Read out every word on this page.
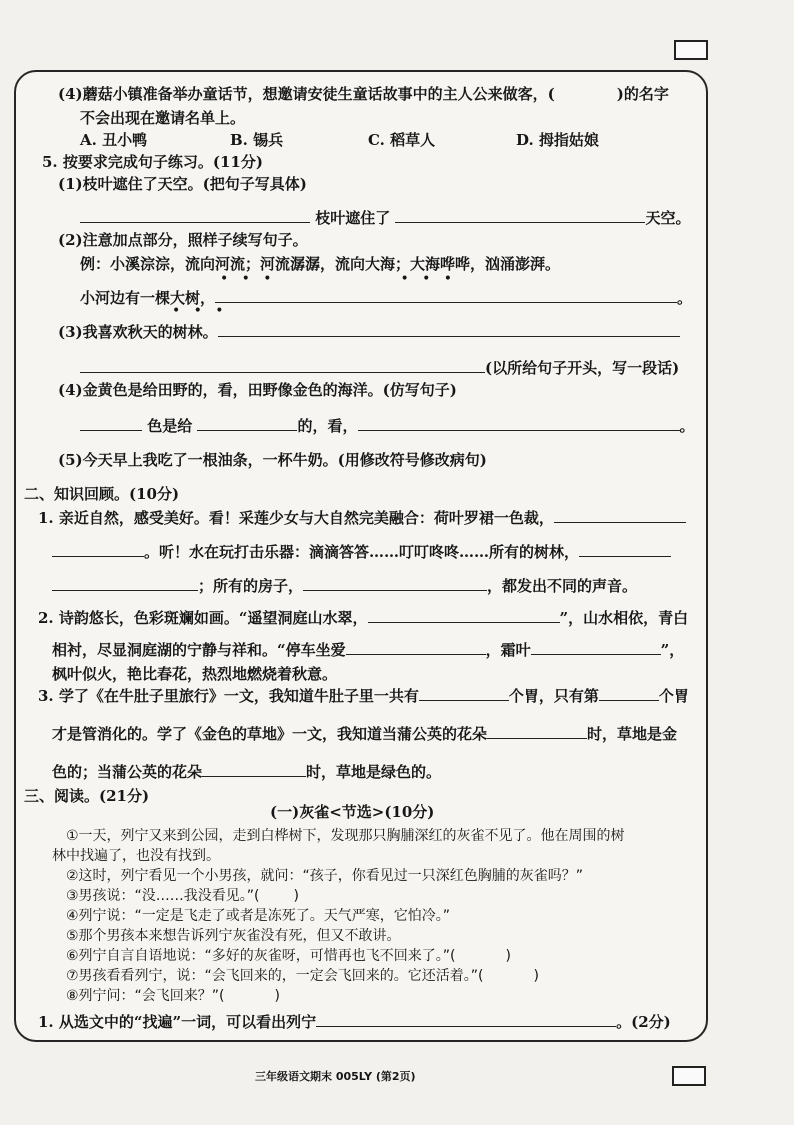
(4)蘑菇小镇准备举办童话节，想邀请安徒生童话故事中的主人公来做客，(	)的名字
不会出现在邀请名单上。
A. 丑小鸭	B. 锡兵	C. 稻草人	D. 拇指姑娘
5. 按要求完成句子练习。(11分)
(1)枝叶遮住了天空。(把句子写具体)
枝叶遮住了	天空。
(2)注意加点部分，照样子续写句子。
例：小溪淙淙，流向河流；河流潺潺，流向大海；大海哗哗，汹涌澎湃。
•   •   •                             •   •   •
小河边有一棵大树，	。
•   •   •
(3)我喜欢秋天的树林。
(以所给句子开头，写一段话)
(4)金黄色是给田野的，看，田野像金色的海洋。(仿写句子)
色是给	的，看，	。
(5)今天早上我吃了一根油条，一杯牛奶。(用修改符号修改病句)
二、知识回顾。(10分)
1. 亲近自然，感受美好。看！采莲少女与大自然完美融合：荷叶罗裙一色裁，
。听！水在玩打击乐器：滴滴答答……叮叮咚咚……所有的树林，
；所有的房子，	，都发出不同的声音。
2. 诗韵悠长，色彩斑斓如画。“遥望洞庭山水翠，	”，山水相依，青白
相衬，尽显洞庭湖的宁静与祥和。“停车坐爱	，霜叶	”，
枫叶似火，艳比春花，热烈地燃烧着秋意。
3. 学了《在牛肚子里旅行》一文，我知道牛肚子里一共有	个胃，只有第	个胃
才是管消化的。学了《金色的草地》一文，我知道当蒲公英的花朵	时，草地是金
色的；当蒲公英的花朵	时，草地是绿色的。
三、阅读。(21分)
(一)灰雀<节选>(10分)
①一天，列宁又来到公园，走到白桦树下，发现那只胸脯深红的灰雀不见了。他在周围的树
林中找遍了，也没有找到。
②这时，列宁看见一个小男孩，就问：“孩子，你看见过一只深红色胸脯的灰雀吗？”
③男孩说：“没……我没看见。”( )
④列宁说：“一定是飞走了或者是冻死了。天气严寒，它怕冷。”
⑤那个男孩本来想告诉列宁灰雀没有死，但又不敢讲。
⑥列宁自言自语地说：“多好的灰雀呀，可惜再也飞不回来了。”(	)
⑦男孩看看列宁，说：“会飞回来的，一定会飞回来的。它还活着。”(	)
⑧列宁问：“会飞回来？”(	)
1. 从选文中的“找遍”一词，可以看出列宁	。(2分)
三年级语文期末 005LY (第2页)
